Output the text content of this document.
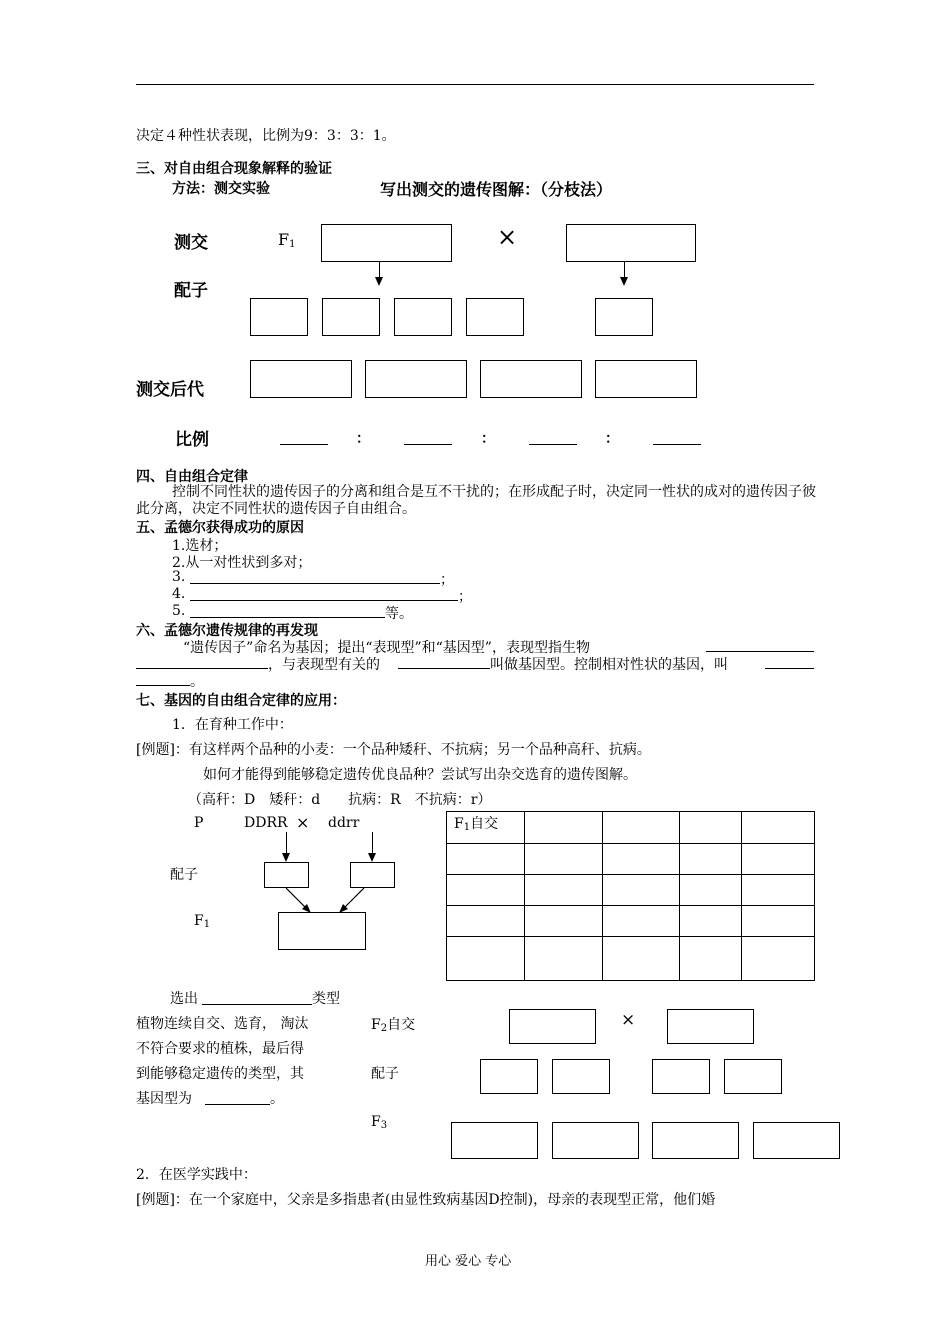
决定４种性状表现，比例为9：3：3：1。
三、对自由组合现象解释的验证
方法：测交实验	写出测交的遗传图解：（分枝法）
测交	$F_1$	×
配子
测交后代
比例	：	：	：
四、自由组合定律
控制不同性状的遗传因子的分离和组合是互不干扰的；在形成配子时，决定同一性状的成对的遗传因子彼此分离，决定不同性状的遗传因子自由组合。
五、孟德尔获得成功的原因
1.选材；
2.从一对性状到多对；
3.	；
4.	；
5.	等。
六、孟德尔遗传规律的再发现
“遗传因子”命名为基因；提出“表现型”和“基因型”，表现型指生物
，与表现型有关的	叫做基因型。控制相对性状的基因，叫
。
七、基因的自由组合定律的应用：
1．在育种工作中：
[例题]：有这样两个品种的小麦：一个品种矮秆、不抗病；另一个品种高秆、抗病。
如何才能得到能够稳定遗传优良品种？尝试写出杂交选育的遗传图解。
（高秆：D　矮秆：d　　抗病：R　不抗病：r）
P	DDRR × ddrr
配子
$F_1$
$F_1$自交
选出	类型
植物连续自交、选育， 淘汰
不符合要求的植株，最后得
到能够稳定遗传的类型，其
基因型为	。
$F_2$自交	×
配子
$F_3$
2．在医学实践中：
[例题]：在一个家庭中，父亲是多指患者(由显性致病基因D控制)，母亲的表现型正常，他们婚
用心 爱心 专心
